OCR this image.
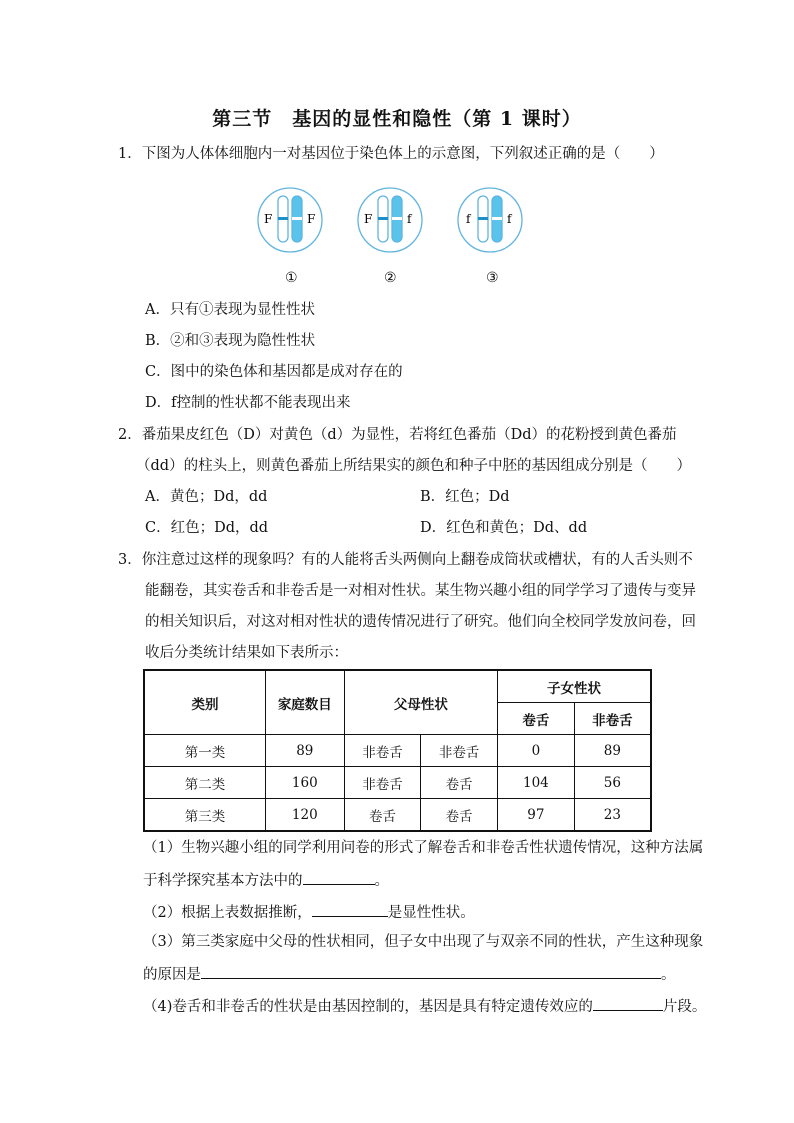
第三节　基因的显性和隐性（第 1 课时）
1．下图为人体体细胞内一对基因位于染色体上的示意图，下列叙述正确的是（　　）
F	F	F	f	f	f
①	②	③
A．只有①表现为显性性状
B．②和③表现为隐性性状
C．图中的染色体和基因都是成对存在的
D．f控制的性状都不能表现出来
2．番茄果皮红色（D）对黄色（d）为显性，若将红色番茄（Dd）的花粉授到黄色番茄
（dd）的柱头上，则黄色番茄上所结果实的颜色和种子中胚的基因组成分别是（　　）
A．黄色；Dd，dd	B．红色；Dd
C．红色；Dd，dd	D．红色和黄色；Dd、dd
3．你注意过这样的现象吗？有的人能将舌头两侧向上翻卷成筒状或槽状，有的人舌头则不
能翻卷，其实卷舌和非卷舌是一对相对性状。某生物兴趣小组的同学学习了遗传与变异
的相关知识后，对这对相对性状的遗传情况进行了研究。他们向全校同学发放问卷，回
收后分类统计结果如下表所示：
类别	家庭数目	父母性状		子女性状	
				卷舌	非卷舌
第一类	89	非卷舌	非卷舌	0	89
第二类	160	非卷舌	卷舌	104	56
第三类	120	卷舌	卷舌	97	23
（1）生物兴趣小组的同学利用问卷的形式了解卷舌和非卷舌性状遗传情况，这种方法属
于科学探究基本方法中的	。
（2）根据上表数据推断，	是显性性状。
（3）第三类家庭中父母的性状相同，但子女中出现了与双亲不同的性状，产生这种现象
的原因是	。
（4)卷舌和非卷舌的性状是由基因控制的，基因是具有特定遗传效应的	片段。
